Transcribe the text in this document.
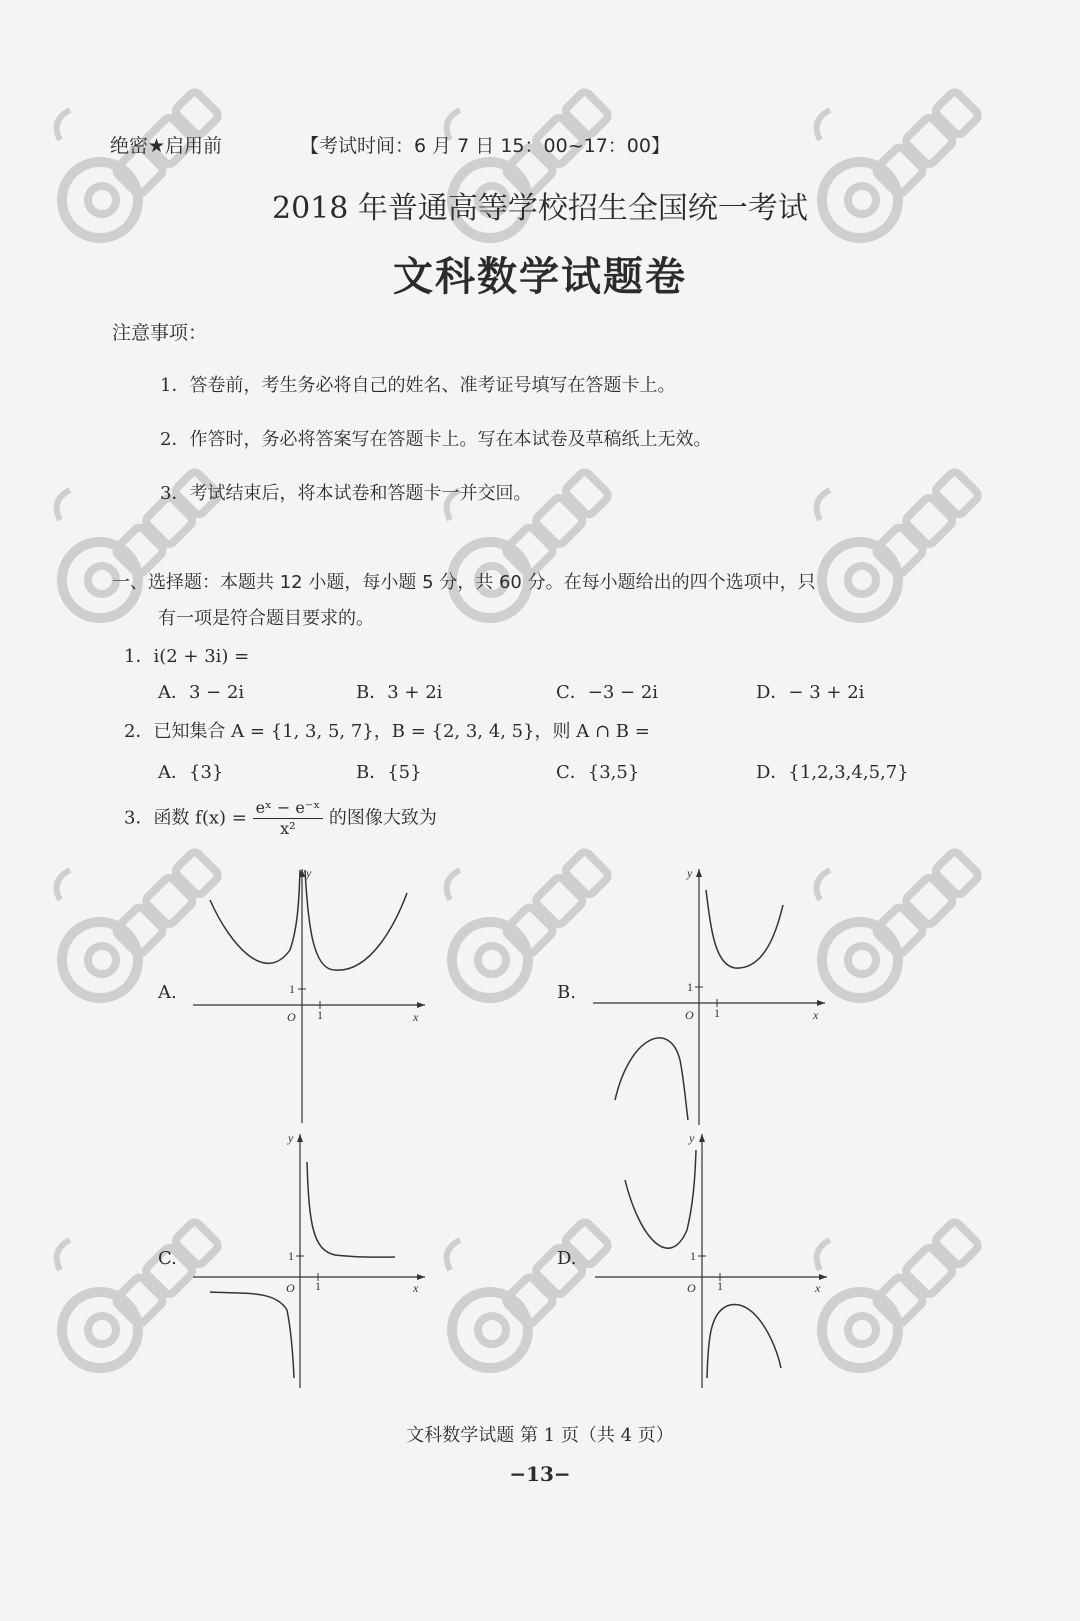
绝密★启用前	【考试时间：6 月 7 日 15：00~17：00】
2018 年普通高等学校招生全国统一考试
文科数学试题卷
注意事项：
1．答卷前，考生务必将自己的姓名、准考证号填写在答题卡上。
2．作答时，务必将答案写在答题卡上。写在本试卷及草稿纸上无效。
3．考试结束后，将本试卷和答题卡一并交回。
一、选择题：本题共 12 小题，每小题 5 分，共 60 分。在每小题给出的四个选项中，只
有一项是符合题目要求的。
1．i(2 + 3i) =
A．3 − 2i	B．3 + 2i	C．−3 − 2i	D．− 3 + 2i
2．已知集合 A = {1, 3, 5, 7}，B = {2, 3, 4, 5}，则 A ∩ B =
A．{3}	B．{5}	C．{3,5}	D．{1,2,3,4,5,7}
3．函数 $f(x) = \frac{\text{eˣ − e⁻ˣ}}{\text{x²}}$ 的图像大致为
A.	B.
C.	D.
y
x
O 1
1
y
x
O 1
1
y
x
O 1
1
y
x
O 1
1
文科数学试题 第 1 页（共 4 页）
−13−
